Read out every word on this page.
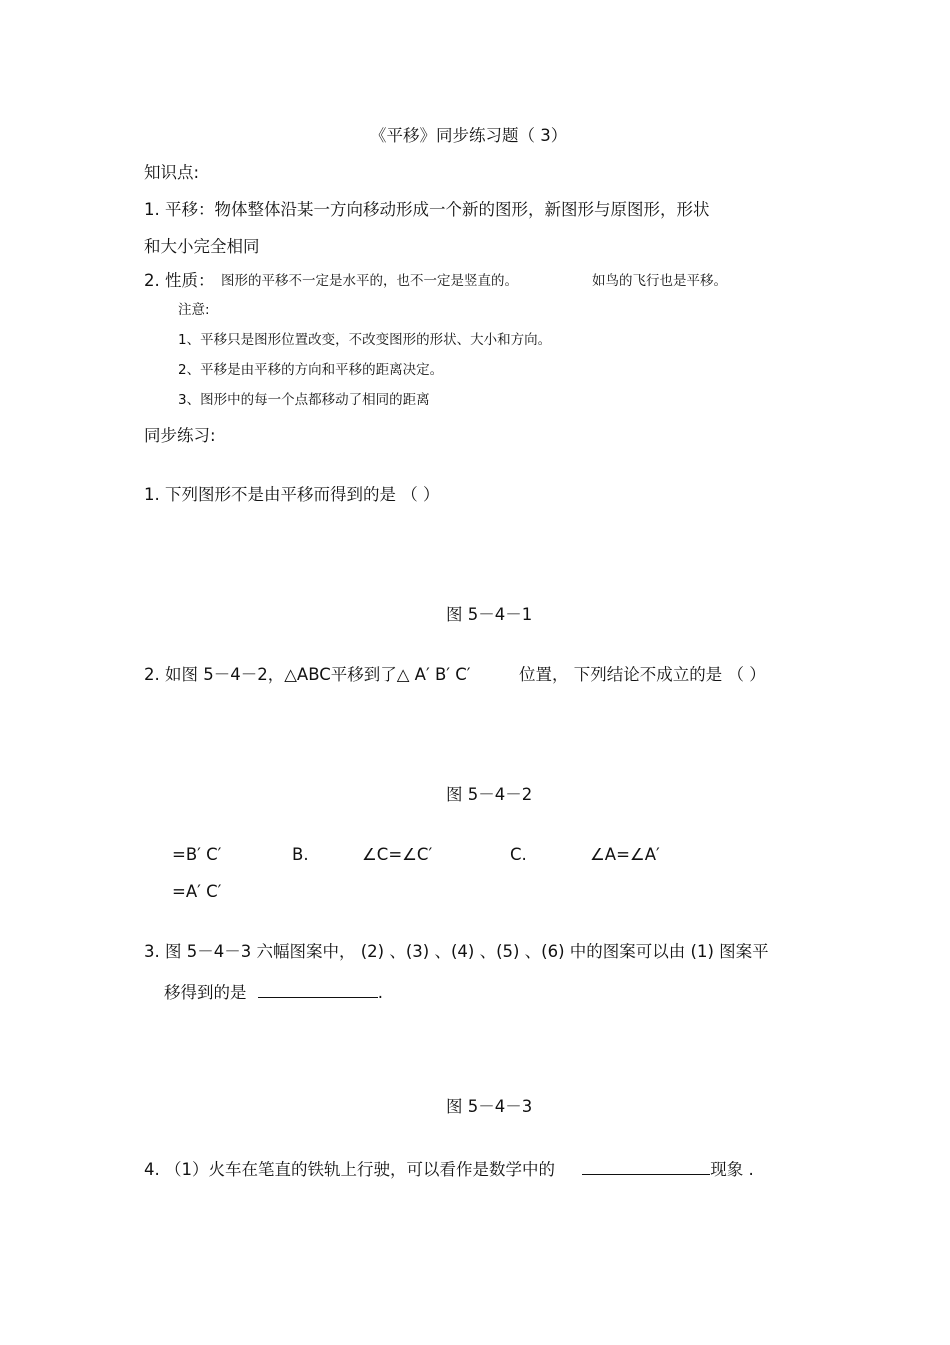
《平移》同步练习题（ 3）
知识点:
1. 平移：物体整体沿某一方向移动形成一个新的图形，新图形与原图形，形状
和大小完全相同
2. 性质： 图形的平移不一定是水平的，也不一定是竖直的。	如鸟的飞行也是平移。
注意:
1、平移只是图形位置改变，不改变图形的形状、大小和方向。
2、平移是由平移的方向和平移的距离决定。
3、图形中的每一个点都移动了相同的距离
同步练习:
1. 下列图形不是由平移而得到的是 （ ）
图 5－4－1
2. 如图 5－4－2，△ABC平移到了△ A′ B′ C′	位置， 下列结论不成立的是 （ ）
图 5－4－2
=B′ C′	B.	∠C=∠C′	C.	∠A=∠A′
=A′ C′
3. 图 5－4－3 六幅图案中， (2) 、(3) 、(4) 、(5) 、(6) 中的图案可以由 (1) 图案平
移得到的是	.
图 5－4－3
4. （1）火车在笔直的铁轨上行驶，可以看作是数学中的	现象 .
